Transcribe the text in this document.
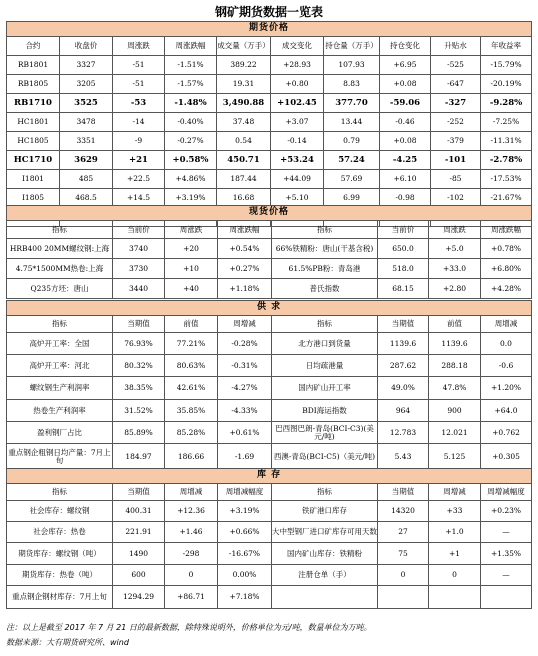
钢矿期货数据一览表
期货价格									
合约	收盘价	周涨跌	周涨跌幅	成交量（万手）	成交变化	持仓量（万手）	持仓变化	升贴水	年收益率
RB1801	3327	-51	-1.51%	389.22	+28.93	107.93	+6.95	-525	-15.79%
RB1805	3205	-51	-1.57%	19.31	+0.80	8.83	+0.08	-647	-20.19%
RB1710	3525	-53	-1.48%	3,490.88	+102.45	377.70	-59.06	-327	-9.28%
HC1801	3478	-14	-0.40%	37.48	+3.07	13.44	-0.46	-252	-7.25%
HC1805	3351	-9	-0.27%	0.54	-0.14	0.79	+0.08	-379	-11.31%
HC1710	3629	+21	+0.58%	450.71	+53.24	57.24	-4.25	-101	-2.78%
I1801	485	+22.5	+4.86%	187.44	+44.09	57.69	+6.10	-85	-17.53%
I1805	468.5	+14.5	+3.19%	16.68	+5.10	6.99	-0.98	-102	-21.67%

现货价格							
指标	当前价	周涨跌	周涨跌幅	指标	当前价	周涨跌	周涨跌幅
HRB400 20MM螺纹钢:上海	3740	+20	+0.54%	66%铁精粉：唐山(干基含税)	650.0	+5.0	+0.78%
4.75*1500MM热卷:上海	3730	+10	+0.27%	61.5%PB粉：青岛港	518.0	+33.0	+6.80%
Q235方坯：唐山	3440	+40	+1.18%	普氏指数	68.15	+2.80	+4.28%
供 求							
指标	当期值	前值	周增减	指标	当期值	前值	周增减
高炉开工率：全国	76.93%	77.21%	-0.28%	北方港口到货量	1139.6	1139.6	0.0
高炉开工率：河北	80.32%	80.63%	-0.31%	日均疏港量	287.62	288.18	-0.6
螺纹钢生产利润率	38.35%	42.61%	-4.27%	国内矿山开工率	49.0%	47.8%	+1.20%
热卷生产利润率	31.52%	35.85%	-4.33%	BDI海运指数	964	900	+64.0
盈利钢厂占比	85.89%	85.28%	+0.61%	巴西图巴朗-青岛(BCI-C3)(美元/吨)	12.783	12.021	+0.762
重点钢企粗钢日均产量：7月上旬	184.97	186.66	-1.69	西澳-青岛(BCI-C5)（美元/吨)	5.43	5.125	+0.305
库 存							
指标	当期值	周增减	周增减幅度	指标	当期值	周增减	周增减幅度
社会库存：螺纹钢	400.31	+12.36	+3.19%	铁矿港口库存	14320	+33	+0.23%
社会库存：热卷	221.91	+1.46	+0.66%	大中型钢厂进口矿库存可用天数	27	+1.0	—
期货库存：螺纹钢（吨）	1490	-298	-16.67%	国内矿山库存：铁精粉	75	+1	+1.35%
期货库存：热卷（吨）	600	0	0.00%	注册仓单（手）	0	0	—
重点钢企钢材库存：7月上旬	1294.29	+86.71	+7.18%				
注：以上是截至 2017 年 7 月 21 日的最新数据，除特殊说明外，价格单位为元/吨，数量单位为万吨。
数据来源：大有期货研究所、wind
